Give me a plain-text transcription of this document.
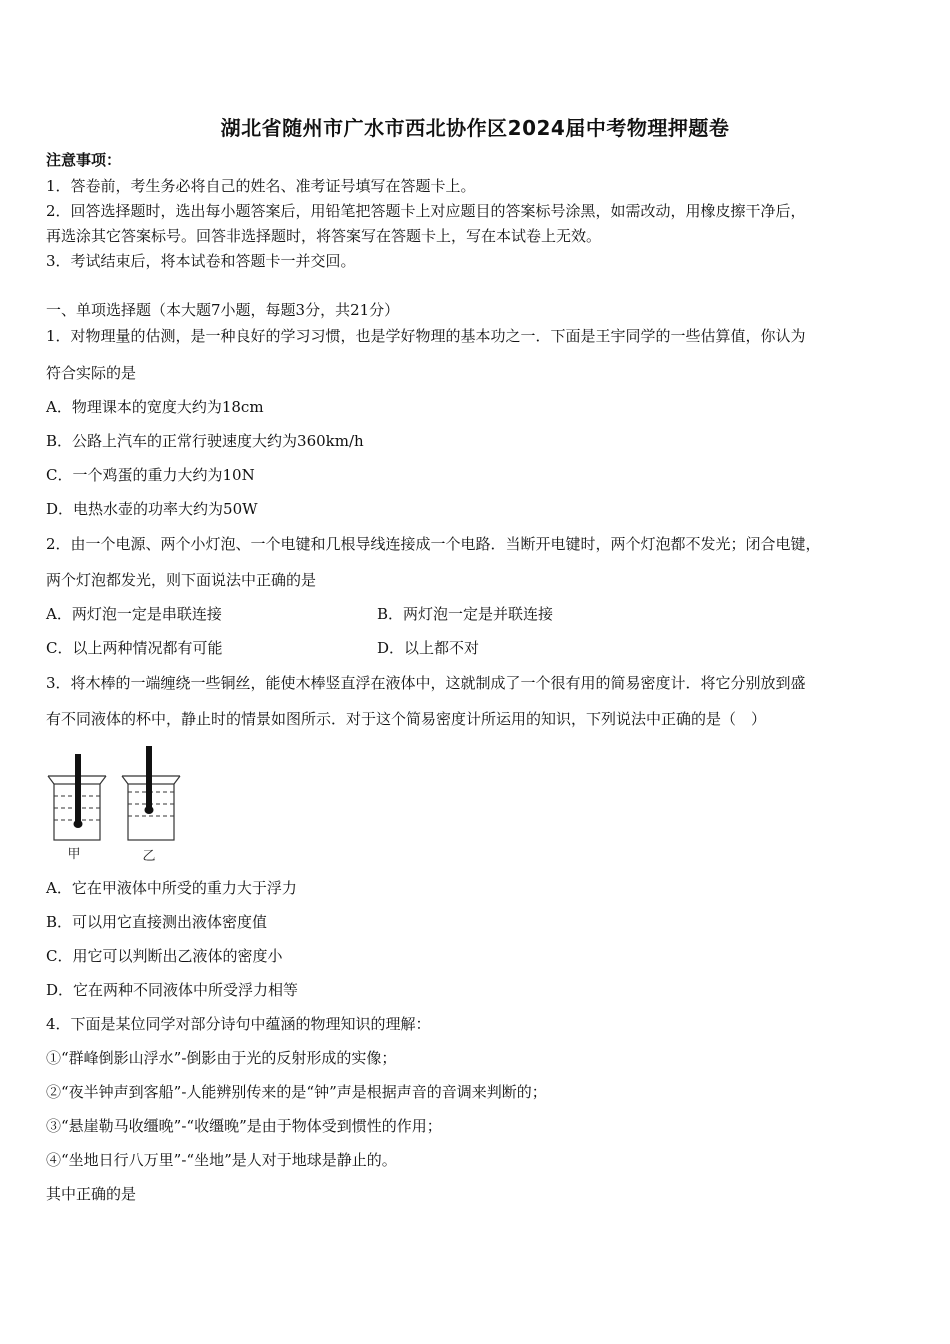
湖北省随州市广水市西北协作区2024届中考物理押题卷
注意事项：
1．答卷前，考生务必将自己的姓名、准考证号填写在答题卡上。
2．回答选择题时，选出每小题答案后，用铅笔把答题卡上对应题目的答案标号涂黑，如需改动，用橡皮擦干净后，
再选涂其它答案标号。回答非选择题时，将答案写在答题卡上，写在本试卷上无效。
3．考试结束后，将本试卷和答题卡一并交回。
一、单项选择题（本大题7小题，每题3分，共21分）
1．对物理量的估测，是一种良好的学习习惯，也是学好物理的基本功之一．下面是王宇同学的一些估算值，你认为
符合实际的是
A．物理课本的宽度大约为18cm
B．公路上汽车的正常行驶速度大约为360km/h
C．一个鸡蛋的重力大约为10N
D．电热水壶的功率大约为50W
2．由一个电源、两个小灯泡、一个电键和几根导线连接成一个电路．当断开电键时，两个灯泡都不发光；闭合电键，
两个灯泡都发光，则下面说法中正确的是
A．两灯泡一定是串联连接	B．两灯泡一定是并联连接
C．以上两种情况都有可能	D．以上都不对
3．将木棒的一端缠绕一些铜丝，能使木棒竖直浮在液体中，这就制成了一个很有用的简易密度计．将它分别放到盛
有不同液体的杯中，静止时的情景如图所示．对于这个简易密度计所运用的知识，下列说法中正确的是（　）
甲	乙
A．它在甲液体中所受的重力大于浮力
B．可以用它直接测出液体密度值
C．用它可以判断出乙液体的密度小
D．它在两种不同液体中所受浮力相等
4．下面是某位同学对部分诗句中蕴涵的物理知识的理解：
①“群峰倒影山浮水”-倒影由于光的反射形成的实像；
②“夜半钟声到客船”-人能辨别传来的是“钟”声是根据声音的音调来判断的；
③“悬崖勒马收缰晚”-“收缰晚”是由于物体受到惯性的作用；
④“坐地日行八万里”-“坐地”是人对于地球是静止的。
其中正确的是
